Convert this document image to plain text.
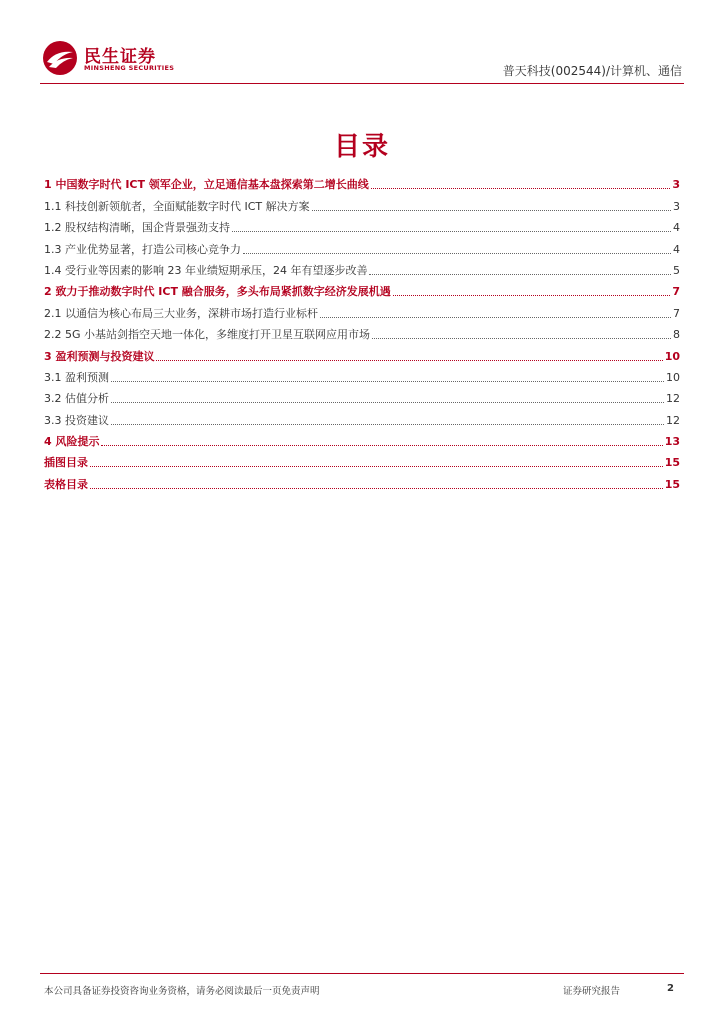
民生证券
MINSHENG SECURITIES	普天科技(002544)/计算机、通信
目录
1 中国数字时代 ICT 领军企业，立足通信基本盘探索第二增长曲线	3
1.1 科技创新领航者，全面赋能数字时代 ICT 解决方案	3
1.2 股权结构清晰，国企背景强劲支持	4
1.3 产业优势显著，打造公司核心竞争力	4
1.4 受行业等因素的影响 23 年业绩短期承压，24 年有望逐步改善	5
2 致力于推动数字时代 ICT 融合服务，多头布局紧抓数字经济发展机遇	7
2.1 以通信为核心布局三大业务，深耕市场打造行业标杆	7
2.2 5G 小基站剑指空天地一体化，多维度打开卫星互联网应用市场	8
3 盈利预测与投资建议	10
3.1 盈利预测	10
3.2 估值分析	12
3.3 投资建议	12
4 风险提示	13
插图目录	15
表格目录	15
本公司具备证券投资咨询业务资格，请务必阅读最后一页免责声明	证券研究报告	2
